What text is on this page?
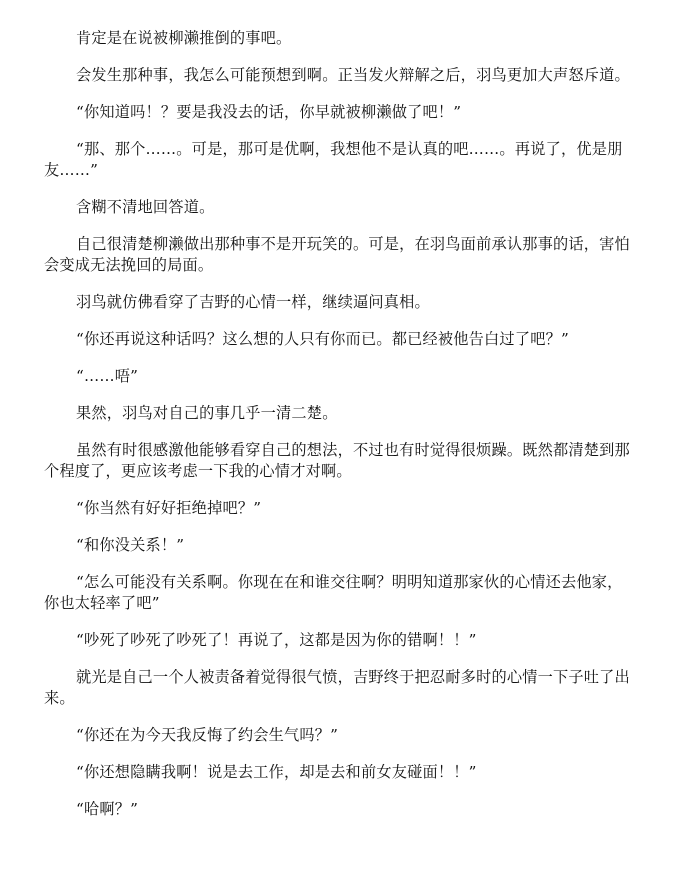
肯定是在说被柳濑推倒的事吧。

会发生那种事，我怎么可能预想到啊。正当发火辩解之后，羽鸟更加大声怒斥道。

“你知道吗！？要是我没去的话，你早就被柳濑做了吧！”

“那、那个……。可是，那可是优啊，我想他不是认真的吧……。再说了，优是朋友……”

含糊不清地回答道。

自己很清楚柳濑做出那种事不是开玩笑的。可是，在羽鸟面前承认那事的话，害怕会变成无法挽回的局面。

羽鸟就仿佛看穿了吉野的心情一样，继续逼问真相。

“你还再说这种话吗？这么想的人只有你而已。都已经被他告白过了吧？”

“……唔”

果然，羽鸟对自己的事几乎一清二楚。

虽然有时很感激他能够看穿自己的想法，不过也有时觉得很烦躁。既然都清楚到那个程度了，更应该考虑一下我的心情才对啊。

“你当然有好好拒绝掉吧？”

“和你没关系！”

“怎么可能没有关系啊。你现在在和谁交往啊？明明知道那家伙的心情还去他家，你也太轻率了吧”

“吵死了吵死了吵死了！再说了，这都是因为你的错啊！！”

就光是自己一个人被责备着觉得很气愤，吉野终于把忍耐多时的心情一下子吐了出来。

“你还在为今天我反悔了约会生气吗？”

“你还想隐瞒我啊！说是去工作，却是去和前女友碰面！！”

“哈啊？”
